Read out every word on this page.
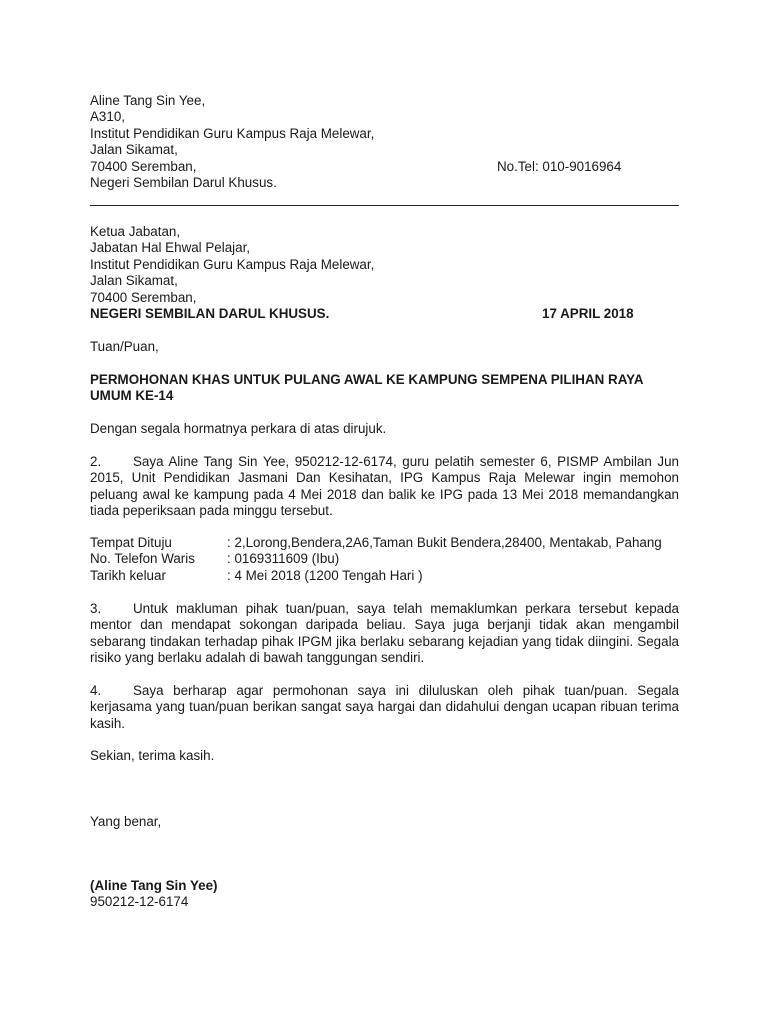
Aline Tang Sin Yee,
A310,
Institut Pendidikan Guru Kampus Raja Melewar,
Jalan Sikamat,
70400 Seremban,	No.Tel: 010-9016964
Negeri Sembilan Darul Khusus.
Ketua Jabatan,
Jabatan Hal Ehwal Pelajar,
Institut Pendidikan Guru Kampus Raja Melewar,
Jalan Sikamat,
70400 Seremban,
NEGERI SEMBILAN DARUL KHUSUS.	17 APRIL 2018
Tuan/Puan,
PERMOHONAN KHAS UNTUK PULANG AWAL KE KAMPUNG SEMPENA PILIHAN RAYA
UMUM KE-14
Dengan segala hormatnya perkara di atas dirujuk.
2. Saya Aline Tang Sin Yee, 950212-12-6174, guru pelatih semester 6, PISMP Ambilan Jun 2015, Unit Pendidikan Jasmani Dan Kesihatan, IPG Kampus Raja Melewar ingin memohon peluang awal ke kampung pada 4 Mei 2018 dan balik ke IPG pada 13 Mei 2018 memandangkan tiada peperiksaan pada minggu tersebut.
Tempat Dituju	: 2,Lorong,Bendera,2A6,Taman Bukit Bendera,28400, Mentakab, Pahang
No. Telefon Waris : 0169311609 (Ibu)
Tarikh keluar	: 4 Mei 2018 (1200 Tengah Hari )
3. Untuk makluman pihak tuan/puan, saya telah memaklumkan perkara tersebut kepada mentor dan mendapat sokongan daripada beliau. Saya juga berjanji tidak akan mengambil sebarang tindakan terhadap pihak IPGM jika berlaku sebarang kejadian yang tidak diingini. Segala risiko yang berlaku adalah di bawah tanggungan sendiri.
4. Saya berharap agar permohonan saya ini diluluskan oleh pihak tuan/puan. Segala kerjasama yang tuan/puan berikan sangat saya hargai dan didahului dengan ucapan ribuan terima kasih.
Sekian, terima kasih.
Yang benar,
(Aline Tang Sin Yee)
950212-12-6174
